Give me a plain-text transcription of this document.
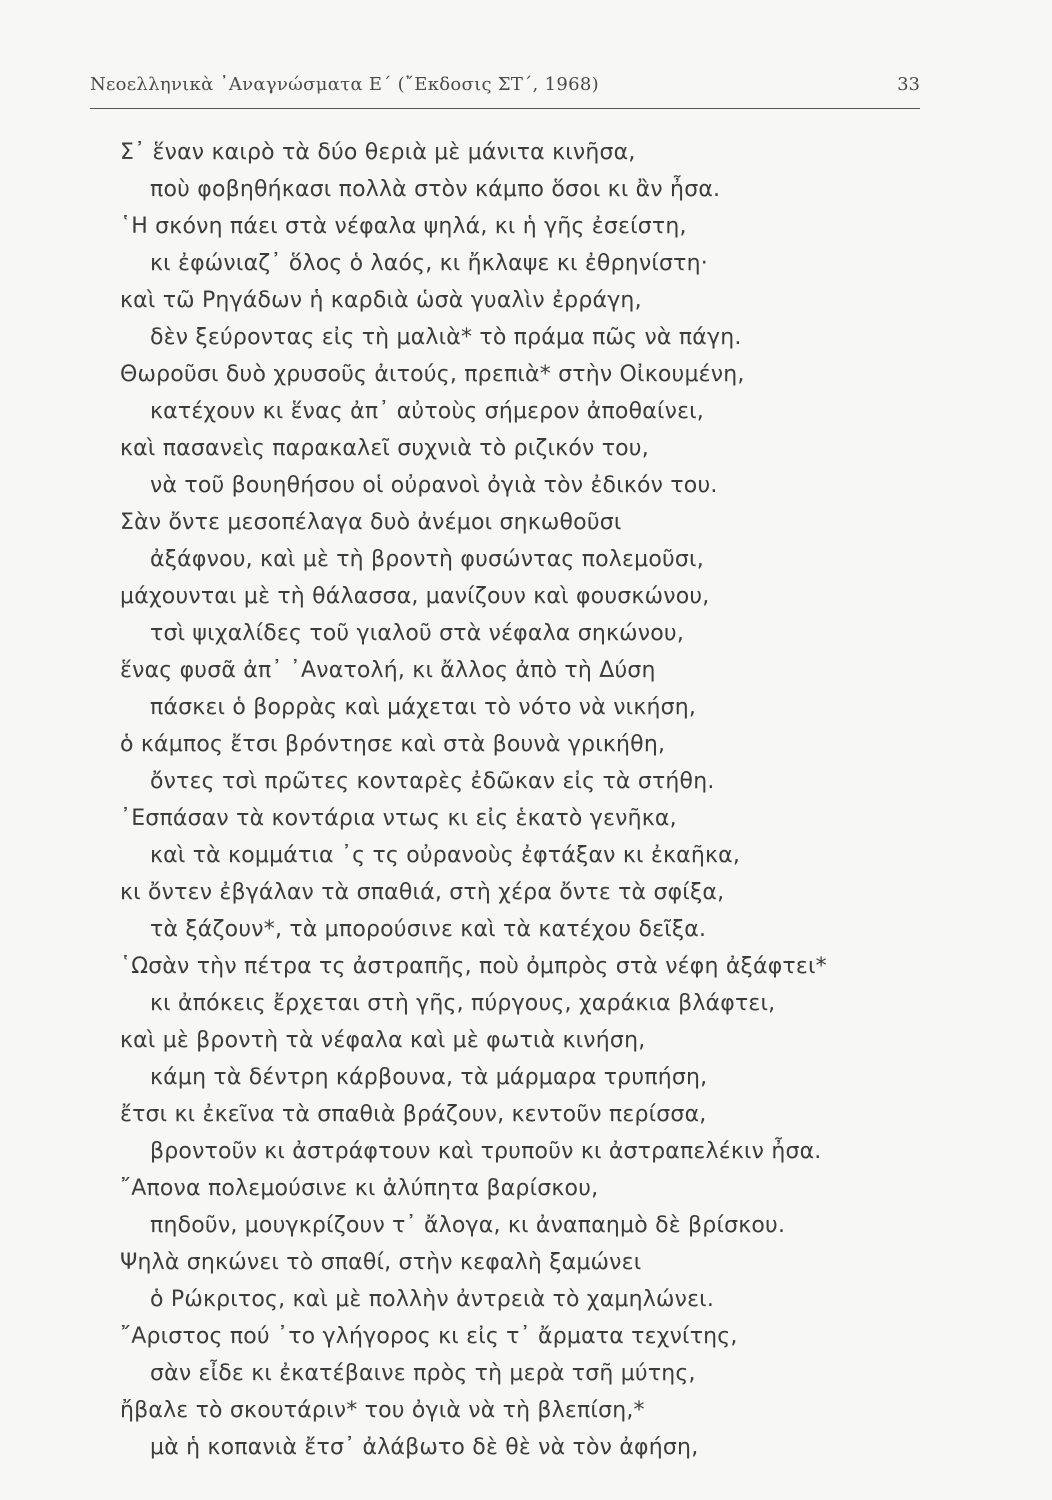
Νεοελληνικὰ ᾿Αναγνώσματα Ε΄ (῎Εκδοσις ΣΤ΄, 1968)	33
Σ᾿ ἕναν καιρὸ τὰ δύο θεριὰ μὲ μάνιτα κινῆσα,
ποὺ φοβηθήκασι πολλὰ στὸν κάμπο ὅσοι κι ἂν ἦσα.
῾Η σκόνη πάει στὰ νέφαλα ψηλά, κι ἡ γῆς ἐσείστη,
κι ἐφώνιαζ᾿ ὅλος ὁ λαός, κι ἤκλαψε κι ἐθρηνίστη·
καὶ τῶ Ρηγάδων ἡ καρδιὰ ὡσὰ γυαλὶν ἐρράγη,
δὲν ξεύροντας εἰς τὴ μαλιὰ* τὸ πράμα πῶς νὰ πάγη.
Θωροῦσι δυὸ χρυσοῦς ἀιτούς, πρεπιὰ* στὴν Οἰκουμένη,
κατέχουν κι ἕνας ἀπ᾿ αὐτοὺς σήμερον ἀποθαίνει,
καὶ πασανεὶς παρακαλεῖ συχνιὰ τὸ ριζικόν του,
νὰ τοῦ βουηθήσου οἱ οὐρανοὶ ὀγιὰ τὸν ἐδικόν του.
Σὰν ὄντε μεσοπέλαγα δυὸ ἀνέμοι σηκωθοῦσι
ἀξάφνου, καὶ μὲ τὴ βροντὴ φυσώντας πολεμοῦσι,
μάχουνται μὲ τὴ θάλασσα, μανίζουν καὶ φουσκώνου,
τσὶ ψιχαλίδες τοῦ γιαλοῦ στὰ νέφαλα σηκώνου,
ἕνας φυσᾶ ἀπ᾿ ᾿Ανατολή, κι ἄλλος ἀπὸ τὴ Δύση
πάσκει ὁ βορρὰς καὶ μάχεται τὸ νότο νὰ νικήση,
ὁ κάμπος ἔτσι βρόντησε καὶ στὰ βουνὰ γρικήθη,
ὄντες τσὶ πρῶτες κονταρὲς ἐδῶκαν εἰς τὰ στήθη.
᾿Εσπάσαν τὰ κοντάρια ντως κι εἰς ἑκατὸ γενῆκα,
καὶ τὰ κομμάτια ᾿ς τς οὐρανοὺς ἐφτάξαν κι ἐκαῆκα,
κι ὄντεν ἐβγάλαν τὰ σπαθιά, στὴ χέρα ὄντε τὰ σφίξα,
τὰ ξάζουν*, τὰ μπορούσινε καὶ τὰ κατέχου δεῖξα.
῾Ωσὰν τὴν πέτρα τς ἀστραπῆς, ποὺ ὀμπρὸς στὰ νέφη ἀξάφτει*
κι ἀπόκεις ἔρχεται στὴ γῆς, πύργους, χαράκια βλάφτει,
καὶ μὲ βροντὴ τὰ νέφαλα καὶ μὲ φωτιὰ κινήση,
κάμη τὰ δέντρη κάρβουνα, τὰ μάρμαρα τρυπήση,
ἔτσι κι ἐκεῖνα τὰ σπαθιὰ βράζουν, κεντοῦν περίσσα,
βροντοῦν κι ἀστράφτουν καὶ τρυποῦν κι ἀστραπελέκιν ἦσα.
῎Απονα πολεμούσινε κι ἀλύπητα βαρίσκου,
πηδοῦν, μουγκρίζουν τ᾿ ἄλογα, κι ἀναπαημὸ δὲ βρίσκου.
Ψηλὰ σηκώνει τὸ σπαθί, στὴν κεφαλὴ ξαμώνει
ὁ Ρώκριτος, καὶ μὲ πολλὴν ἀντρειὰ τὸ χαμηλώνει.
῎Αριστος πού ᾿το γλήγορος κι εἰς τ᾿ ἄρματα τεχνίτης,
σὰν εἶδε κι ἐκατέβαινε πρὸς τὴ μερὰ τσῆ μύτης,
ἤβαλε τὸ σκουτάριν* του ὀγιὰ νὰ τὴ βλεπίση,*
μὰ ἡ κοπανιὰ ἔτσ᾿ ἀλάβωτο δὲ θὲ νὰ τὸν ἀφήση,
